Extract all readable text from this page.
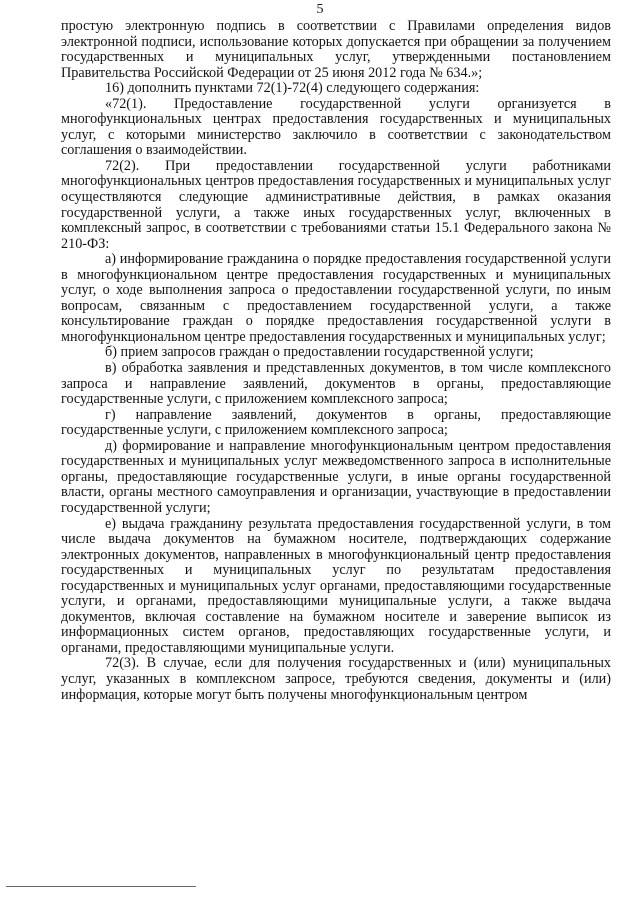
5

простую электронную подпись в соответствии с Правилами определения видов электронной подписи, использование которых допускается при обращении за получением государственных и муниципальных услуг, утвержденными постановлением Правительства Российской Федерации от 25 июня 2012 года № 634.»;

16) дополнить пунктами 72(1)-72(4) следующего содержания:

«72(1). Предоставление государственной услуги организуется в многофункциональных центрах предоставления государственных и муниципальных услуг, с которыми министерство заключило в соответствии с законодательством соглашения о взаимодействии.

72(2). При предоставлении государственной услуги работниками многофункциональных центров предоставления государственных и муниципальных услуг осуществляются следующие административные действия, в рамках оказания государственной услуги, а также иных государственных услуг, включенных в комплексный запрос, в соответствии с требованиями статьи 15.1 Федерального закона № 210-ФЗ:

а) информирование гражданина о порядке предоставления государственной услуги в многофункциональном центре предоставления государственных и муниципальных услуг, о ходе выполнения запроса о предоставлении государственной услуги, по иным вопросам, связанным с предоставлением государственной услуги, а также консультирование граждан о порядке предоставления государственной услуги в многофункциональном центре предоставления государственных и муниципальных услуг;

б) прием запросов граждан о предоставлении государственной услуги;

в) обработка заявления и представленных документов, в том числе комплексного запроса и направление заявлений, документов в органы, предоставляющие государственные услуги, с приложением комплексного запроса;

г) направление заявлений, документов в органы, предоставляющие государственные услуги, с приложением комплексного запроса;

д) формирование и направление многофункциональным центром предоставления государственных и муниципальных услуг межведомственного запроса в исполнительные органы, предоставляющие государственные услуги, в иные органы государственной власти, органы местного самоуправления и организации, участвующие в предоставлении государственной услуги;

е) выдача гражданину результата предоставления государственной услуги, в том числе выдача документов на бумажном носителе, подтверждающих содержание электронных документов, направленных в многофункциональный центр предоставления государственных и муниципальных услуг по результатам предоставления государственных и муниципальных услуг органами, предоставляющими государственные услуги, и органами, предоставляющими муниципальные услуги, а также выдача документов, включая составление на бумажном носителе и заверение выписок из информационных систем органов, предоставляющих государственные услуги, и органами, предоставляющими муниципальные услуги.

72(3). В случае, если для получения государственных и (или) муниципальных услуг, указанных в комплексном запросе, требуются сведения, документы и (или) информация, которые могут быть получены многофункциональным центром
